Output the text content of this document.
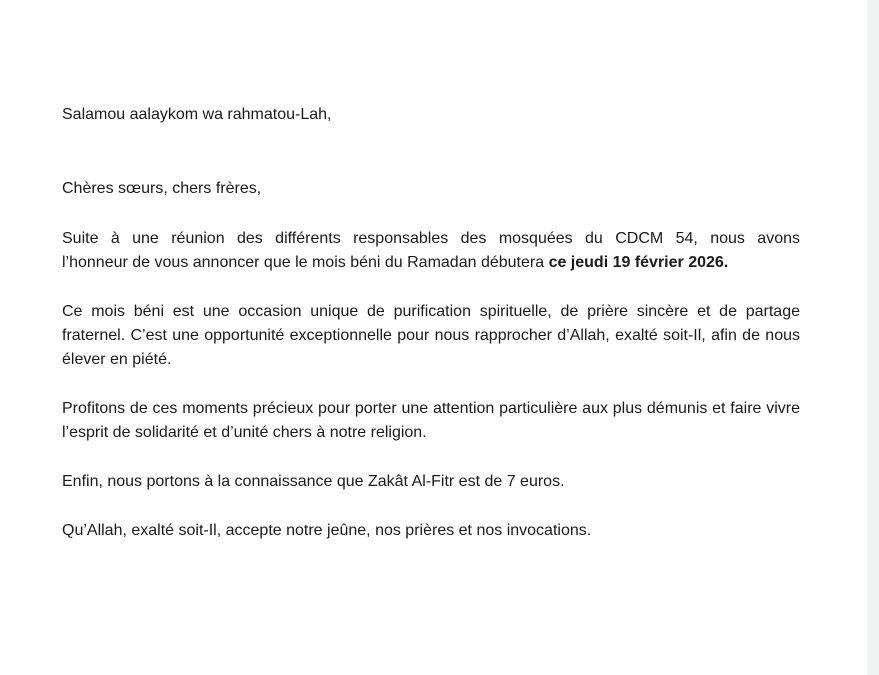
Salamou aalaykom wa rahmatou-Lah,

Chères sœurs, chers frères,

Suite à une réunion des différents responsables des mosquées du CDCM 54, nous avons
l’honneur de vous annoncer que le mois béni du Ramadan débutera ce jeudi 19 février 2026.

Ce mois béni est une occasion unique de purification spirituelle, de prière sincère et de partage fraternel. C’est une opportunité exceptionnelle pour nous rapprocher d’Allah, exalté soit-Il, afin de nous élever en piété.

Profitons de ces moments précieux pour porter une attention particulière aux plus démunis et faire vivre l’esprit de solidarité et d’unité chers à notre religion.

Enfin, nous portons à la connaissance que Zakât Al-Fitr est de 7 euros.

Qu’Allah, exalté soit-Il, accepte notre jeûne, nos prières et nos invocations.
